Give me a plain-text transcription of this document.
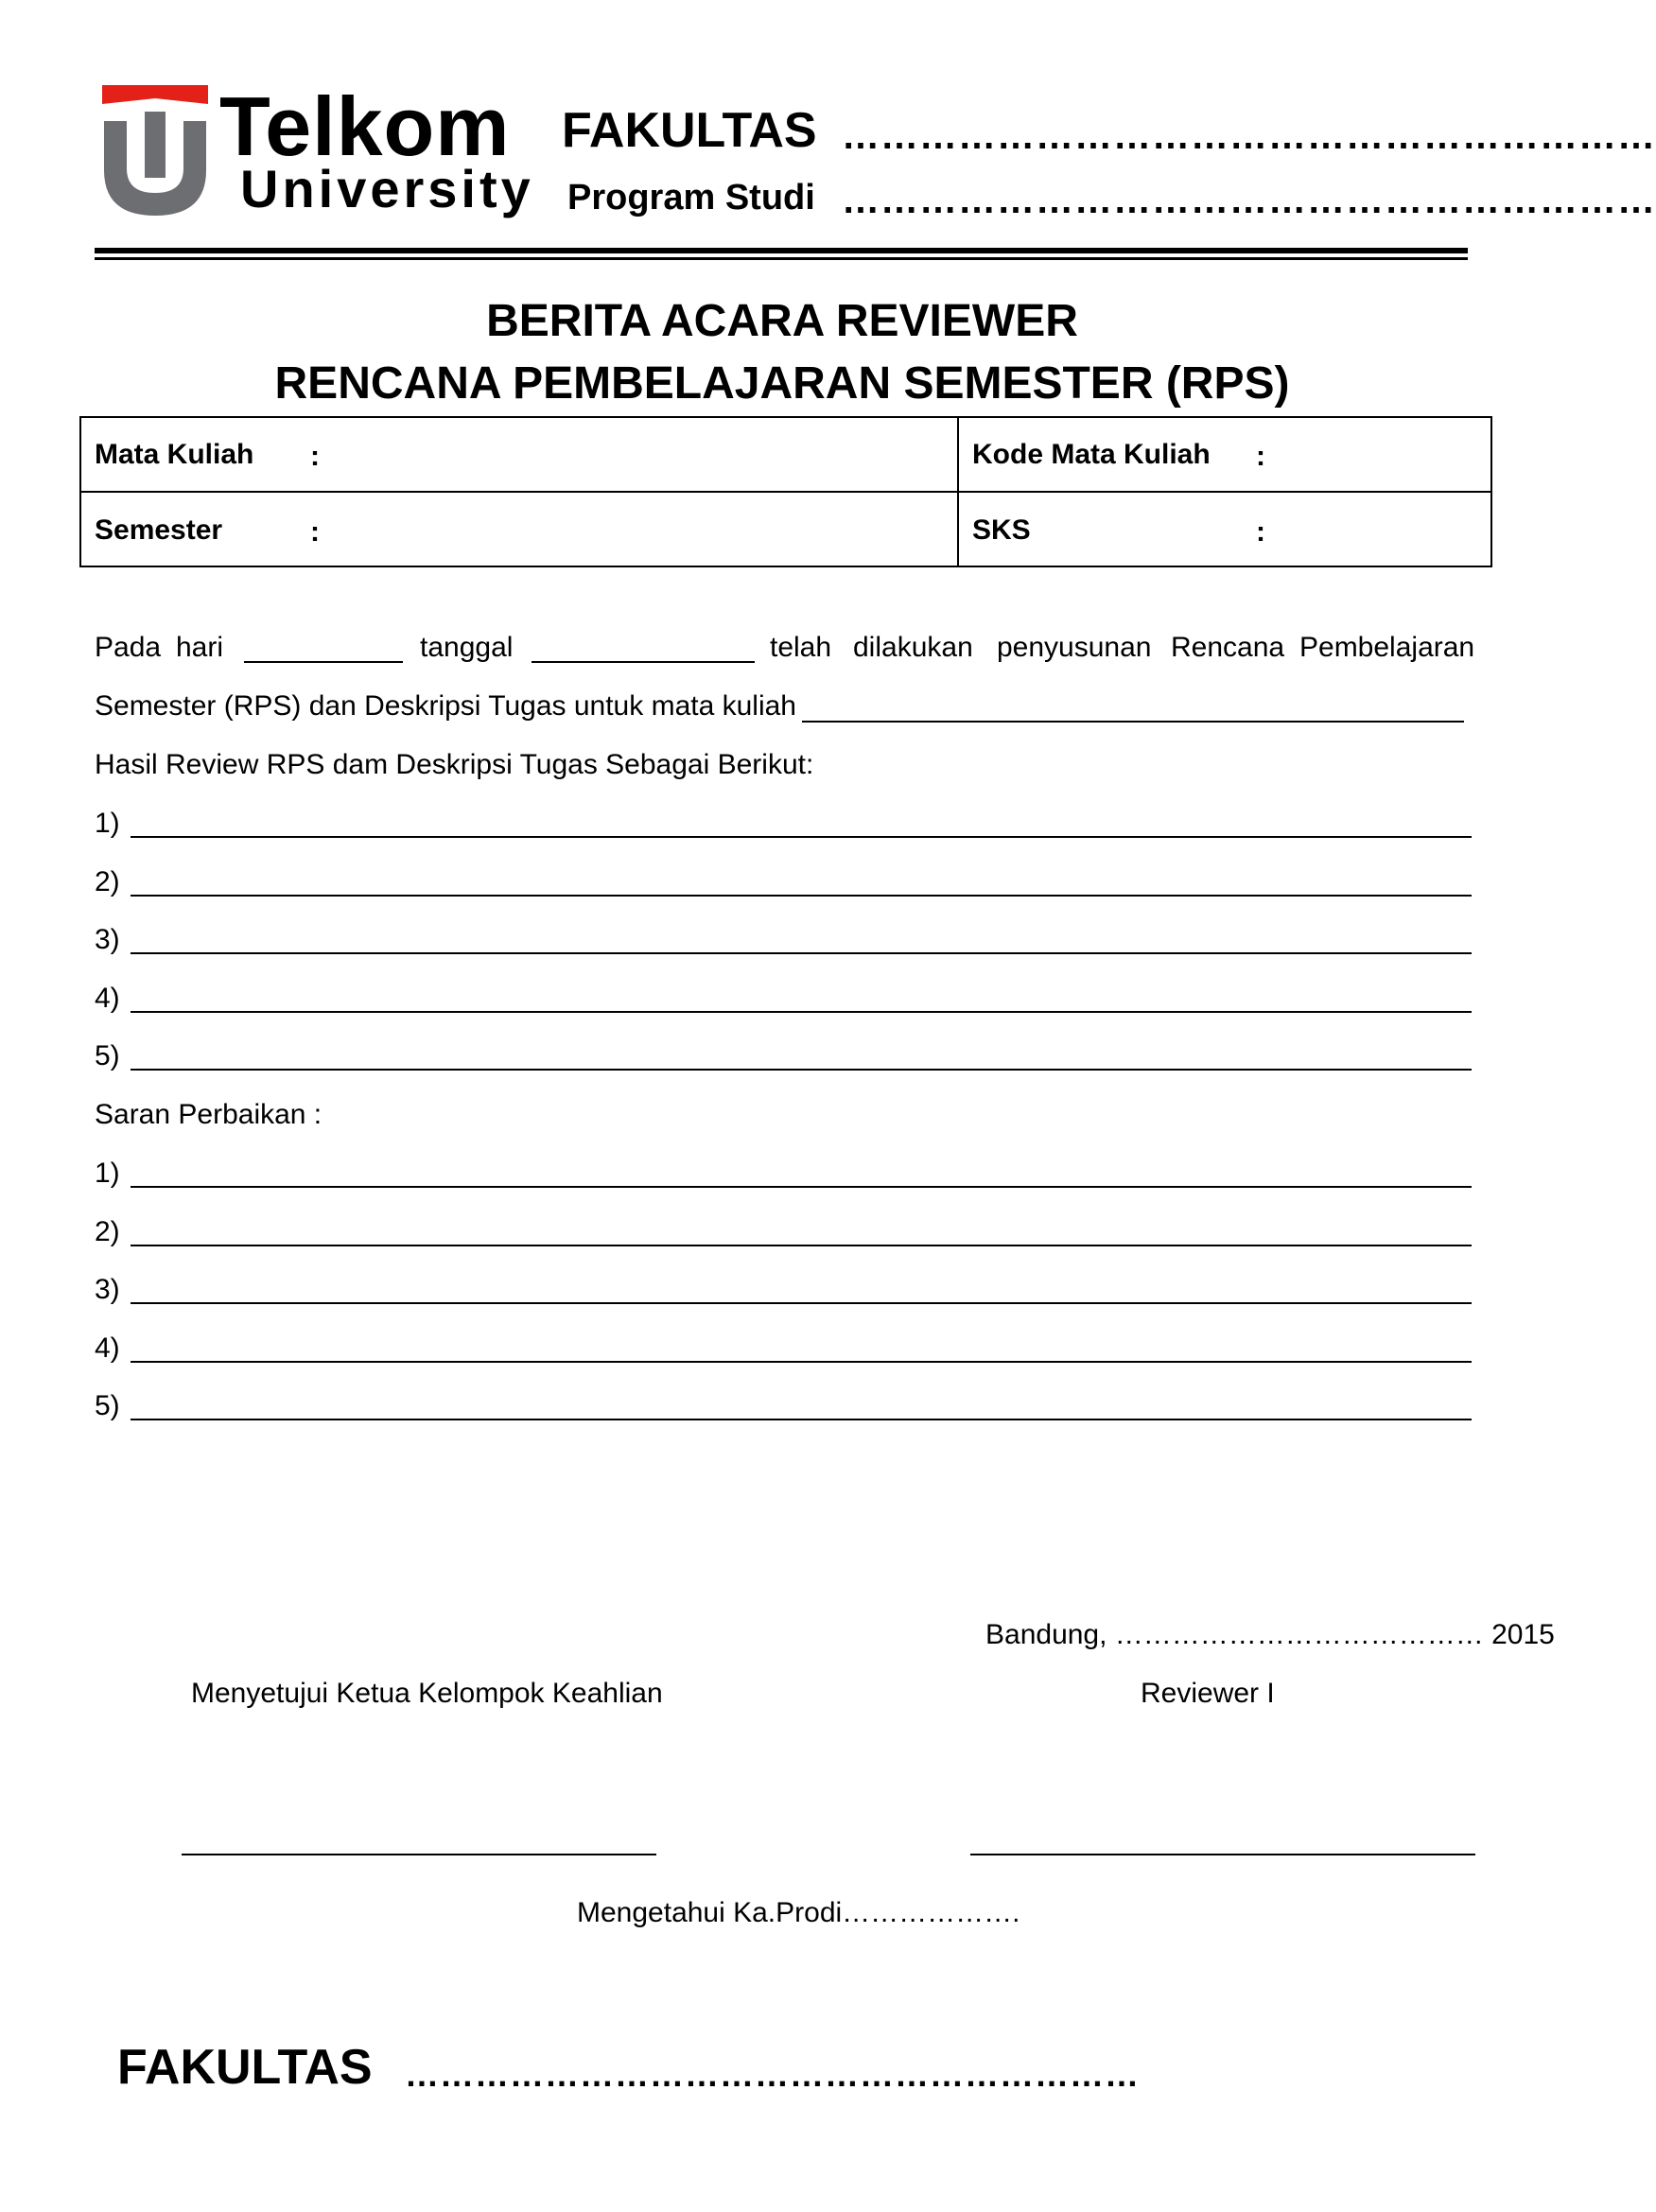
Telkom
University
FAKULTAS ………………………………………………………
Program Studi ………………………………………………………
BERITA ACARA REVIEWER
RENCANA PEMBELAJARAN SEMESTER (RPS)
Mata Kuliah :	Kode Mata Kuliah :
Semester	:	SKS	:
Pada hari	tanggal	telah dilakukan penyusunan Rencana Pembelajaran
Semester (RPS) dan Deskripsi Tugas untuk mata kuliah
Hasil Review RPS dam Deskripsi Tugas Sebagai Berikut:
1)
2)
3)
4)
5)
Saran Perbaikan :
1)
2)
3)
4)
5)
Bandung, ………………………………… 2015
Menyetujui Ketua Kelompok Keahlian	Reviewer I
Mengetahui Ka.Prodi……………….
FAKULTAS ………………………………………………………
